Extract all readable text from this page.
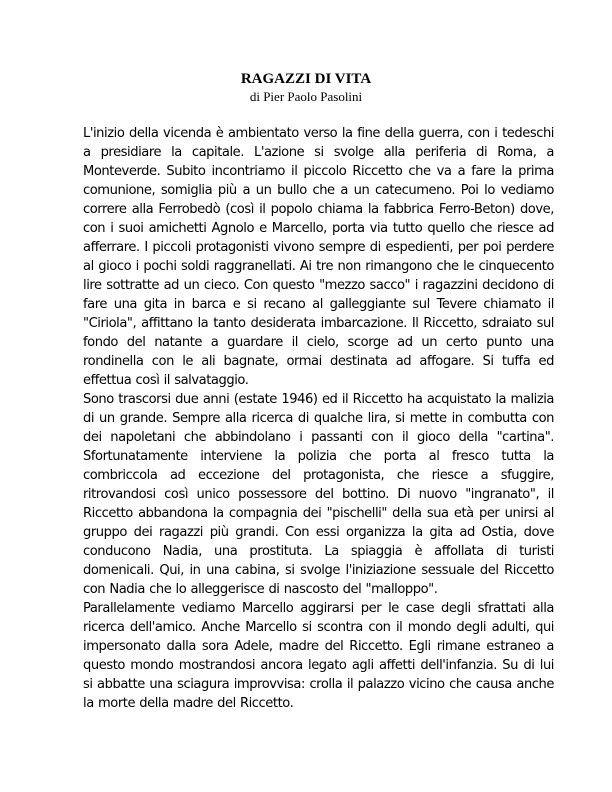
RAGAZZI DI VITA
di Pier Paolo Pasolini

L'inizio della vicenda è ambientato verso la fine della guerra, con i tedeschi a presidiare la capitale. L'azione si svolge alla periferia di Roma, a Monteverde. Subito incontriamo il piccolo Riccetto che va a fare la prima comunione, somiglia più a un bullo che a un catecumeno. Poi lo vediamo correre alla Ferrobedò (così il popolo chiama la fabbrica Ferro-Beton) dove, con i suoi amichetti Agnolo e Marcello, porta via tutto quello che riesce ad afferrare. I piccoli protagonisti vivono sempre di espedienti, per poi perdere al gioco i pochi soldi raggranellati. Ai tre non rimangono che le cinquecento lire sottratte ad un cieco. Con questo "mezzo sacco" i ragazzini decidono di fare una gita in barca e si recano al galleggiante sul Tevere chiamato il "Ciriola", affittano la tanto desiderata imbarcazione. Il Riccetto, sdraiato sul fondo del natante a guardare il cielo, scorge ad un certo punto una rondinella con le ali bagnate, ormai destinata ad affogare. Si tuffa ed effettua così il salvataggio.

Sono trascorsi due anni (estate 1946) ed il Riccetto ha acquistato la malizia di un grande. Sempre alla ricerca di qualche lira, si mette in combutta con dei napoletani che abbindolano i passanti con il gioco della "cartina". Sfortunatamente interviene la polizia che porta al fresco tutta la combriccola ad eccezione del protagonista, che riesce a sfuggire, ritrovandosi così unico possessore del bottino. Di nuovo "ingranato", il Riccetto abbandona la compagnia dei "pischelli" della sua età per unirsi al gruppo dei ragazzi più grandi. Con essi organizza la gita ad Ostia, dove conducono Nadia, una prostituta. La spiaggia è affollata di turisti domenicali. Qui, in una cabina, si svolge l'iniziazione sessuale del Riccetto con Nadia che lo alleggerisce di nascosto del "malloppo".

Parallelamente vediamo Marcello aggirarsi per le case degli sfrattati alla ricerca dell'amico. Anche Marcello si scontra con il mondo degli adulti, qui impersonato dalla sora Adele, madre del Riccetto. Egli rimane estraneo a questo mondo mostrandosi ancora legato agli affetti dell'infanzia. Su di lui si abbatte una sciagura improvvisa: crolla il palazzo vicino che causa anche la morte della madre del Riccetto.
